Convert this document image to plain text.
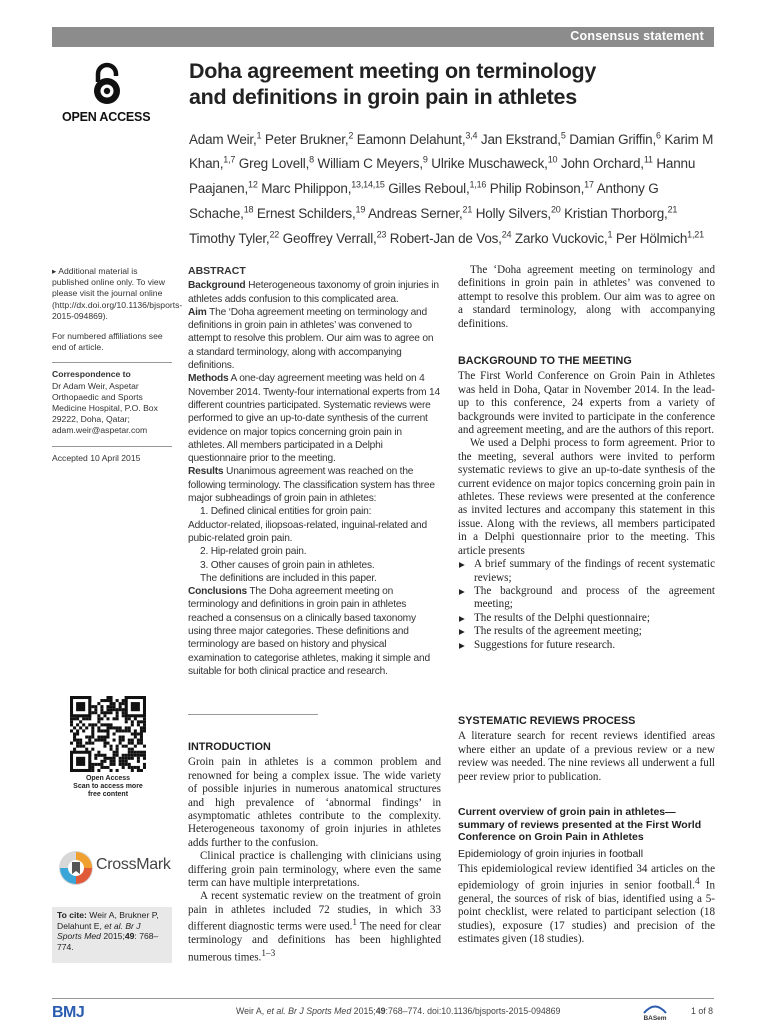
Consensus statement
OPEN ACCESS
Doha agreement meeting on terminology
and definitions in groin pain in athletes
Adam Weir,$^1$ Peter Brukner,$^2$ Eamonn Delahunt,$^{3,4}$ Jan Ekstrand,$^5$ Damian Griffin,$^6$ Karim M Khan,$^{1,7}$ Greg Lovell,$^8$ William C Meyers,$^9$ Ulrike Muschaweck,$^{10}$ John Orchard,$^{11}$ Hannu Paajanen,$^{12}$ Marc Philippon,$^{13,14,15}$ Gilles Reboul,$^{1,16}$ Philip Robinson,$^{17}$ Anthony G Schache,$^{18}$ Ernest Schilders,$^{19}$ Andreas Serner,$^{21}$ Holly Silvers,$^{20}$ Kristian Thorborg,$^{21}$ Timothy Tyler,$^{22}$ Geoffrey Verrall,$^{23}$ Robert-Jan de Vos,$^{24}$ Zarko Vuckovic,$^1$ Per Hölmich$^{1,21}$

▸ Additional material is published online only. To view please visit the journal online (http://dx.doi.org/10.1136/bjsports-2015-094869).

For numbered affiliations see end of article.

Correspondence to

Dr Adam Weir, Aspetar Orthopaedic and Sports Medicine Hospital, P.O. Box 29222, Doha, Qatar; adam.weir@aspetar.com

Accepted 10 April 2015

Open Access
Scan to access more
free content
CrossMark
To cite: Weir A, Brukner P, Delahunt E, et al. Br J Sports Med 2015;49: 768–774.
ABSTRACT
Background Heterogeneous taxonomy of groin injuries in athletes adds confusion to this complicated area.
Aim The ‘Doha agreement meeting on terminology and definitions in groin pain in athletes’ was convened to attempt to resolve this problem. Our aim was to agree on a standard terminology, along with accompanying definitions.
Methods A one-day agreement meeting was held on 4 November 2014. Twenty-four international experts from 14 different countries participated. Systematic reviews were performed to give an up-to-date synthesis of the current evidence on major topics concerning groin pain in athletes. All members participated in a Delphi questionnaire prior to the meeting.
Results Unanimous agreement was reached on the following terminology. The classification system has three major subheadings of groin pain in athletes:
1. Defined clinical entities for groin pain:
Adductor-related, iliopsoas-related, inguinal-related and pubic-related groin pain.
2. Hip-related groin pain.
3. Other causes of groin pain in athletes.
The definitions are included in this paper.
Conclusions The Doha agreement meeting on terminology and definitions in groin pain in athletes reached a consensus on a clinically based taxonomy using three major categories. These definitions and terminology are based on history and physical examination to categorise athletes, making it simple and suitable for both clinical practice and research.
INTRODUCTION

Groin pain in athletes is a common problem and renowned for being a complex issue. The wide variety of possible injuries in numerous anatomical structures and high prevalence of ‘abnormal findings’ in asymptomatic athletes contribute to the complexity. Heterogeneous taxonomy of groin injuries in athletes adds further to the confusion.

Clinical practice is challenging with clinicians using differing groin pain terminology, where even the same term can have multiple interpretations.

A recent systematic review on the treatment of groin pain in athletes included 72 studies, in which 33 different diagnostic terms were used.$^1$ The need for clear terminology and definitions has been highlighted numerous times.$^{1-3}$

The ‘Doha agreement meeting on terminology and definitions in groin pain in athletes’ was convened to attempt to resolve this problem. Our aim was to agree on a standard terminology, along with accompanying definitions.

BACKGROUND TO THE MEETING

The First World Conference on Groin Pain in Athletes was held in Doha, Qatar in November 2014. In the lead-up to this conference, 24 experts from a variety of backgrounds were invited to participate in the conference and agreement meeting, and are the authors of this report.

We used a Delphi process to form agreement. Prior to the meeting, several authors were invited to perform systematic reviews to give an up-to-date synthesis of the current evidence on major topics concerning groin pain in athletes. These reviews were presented at the conference as invited lectures and accompany this statement in this issue. Along with the reviews, all members participated in a Delphi questionnaire prior to the meeting. This article presents

▶ A brief summary of the findings of recent systematic reviews;
▶ The background and process of the agreement meeting;
▶ The results of the Delphi questionnaire;
▶ The results of the agreement meeting;
▶ Suggestions for future research.
SYSTEMATIC REVIEWS PROCESS

A literature search for recent reviews identified areas where either an update of a previous review or a new review was needed. The nine reviews all underwent a full peer review prior to publication.

Current overview of groin pain in athletes—summary of reviews presented at the First World Conference on Groin Pain in Athletes
Epidemiology of groin injuries in football

This epidemiological review identified 34 articles on the epidemiology of groin injuries in senior football.$^4$ In general, the sources of risk of bias, identified using a 5-point checklist, were related to participant selection (18 studies), exposure (17 studies) and precision of the estimates given (18 studies).

BMJ	Weir A, et al. Br J Sports Med 2015;49:768–774. doi:10.1136/bjsports-2015-094869
BASem
1 of 8
